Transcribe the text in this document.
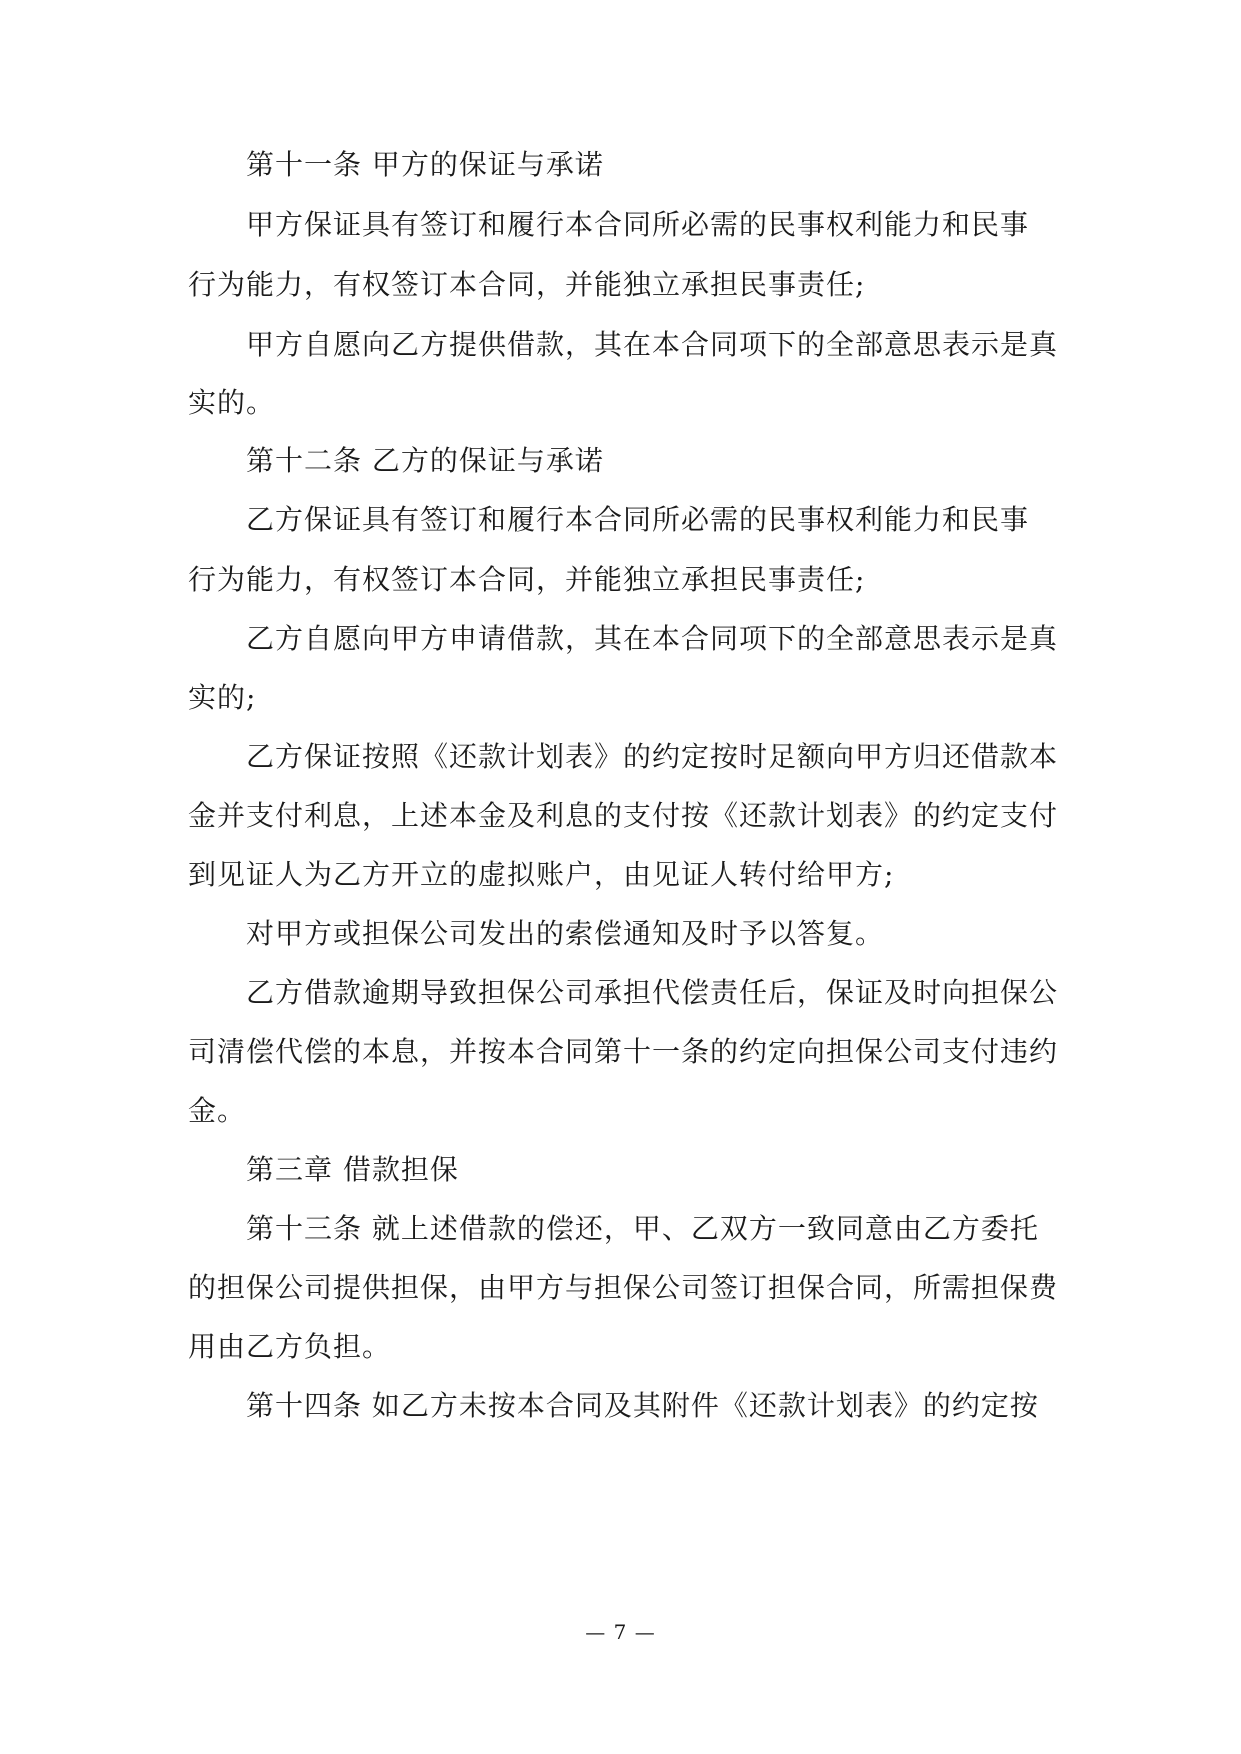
第十一条 甲方的保证与承诺
甲方保证具有签订和履行本合同所必需的民事权利能力和民事
行为能力，有权签订本合同，并能独立承担民事责任;
甲方自愿向乙方提供借款，其在本合同项下的全部意思表示是真
实的。
第十二条 乙方的保证与承诺
乙方保证具有签订和履行本合同所必需的民事权利能力和民事
行为能力，有权签订本合同，并能独立承担民事责任;
乙方自愿向甲方申请借款，其在本合同项下的全部意思表示是真
实的;
乙方保证按照《还款计划表》的约定按时足额向甲方归还借款本
金并支付利息，上述本金及利息的支付按《还款计划表》的约定支付
到见证人为乙方开立的虚拟账户，由见证人转付给甲方;
对甲方或担保公司发出的索偿通知及时予以答复。
乙方借款逾期导致担保公司承担代偿责任后，保证及时向担保公
司清偿代偿的本息，并按本合同第十一条的约定向担保公司支付违约
金。
第三章 借款担保
第十三条 就上述借款的偿还，甲、乙双方一致同意由乙方委托
的担保公司提供担保，由甲方与担保公司签订担保合同，所需担保费
用由乙方负担。
第十四条 如乙方未按本合同及其附件《还款计划表》的约定按
— 7 —
